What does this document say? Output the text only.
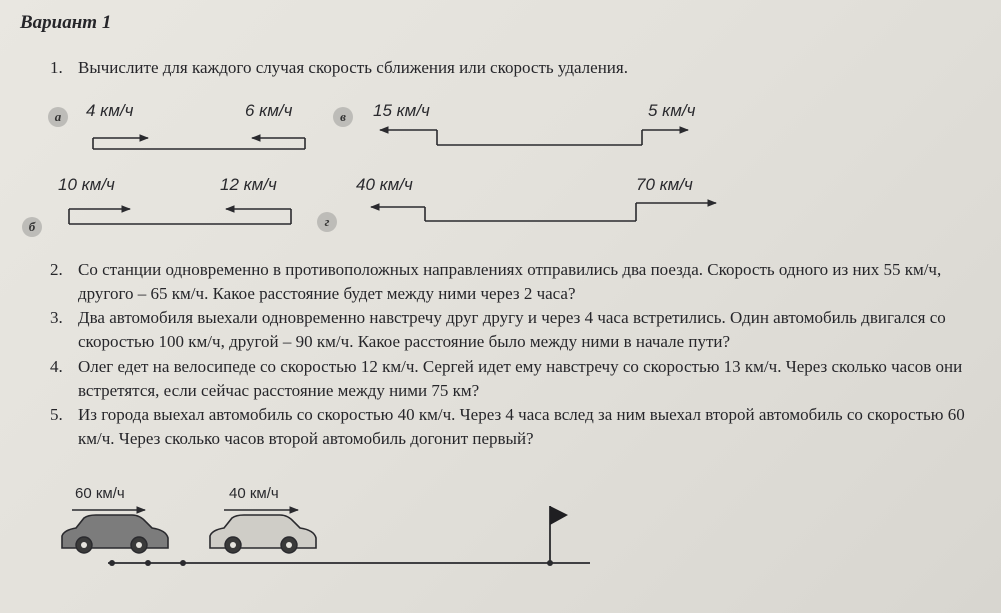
Вариант 1
1. Вычислите для каждого случая скорость сближения или скорость удаления.
а	в
б	г
4 км/ч	6 км/ч	15 км/ч	5 км/ч
10 км/ч	12 км/ч	40 км/ч	70 км/ч
2. Со станции одновременно в противоположных направлениях отправились два поезда. Скорость одного из них 55 км/ч, другого – 65 км/ч. Какое расстояние будет между ними через 2 часа?
3. Два автомобиля выехали одновременно навстречу друг другу и через 4 часа встретились. Один автомобиль двигался со скоростью 100 км/ч, другой – 90 км/ч. Какое расстояние было между ними в начале пути?
4. Олег едет на велосипеде со скоростью 12 км/ч. Сергей идет ему навстречу со скоростью 13 км/ч. Через сколько часов они встретятся, если сейчас расстояние между ними 75 км?
5. Из города выехал автомобиль со скоростью 40 км/ч. Через 4 часа вслед за ним выехал второй автомобиль со скоростью 60 км/ч. Через сколько часов второй автомобиль догонит первый?
60 км/ч	40 км/ч
